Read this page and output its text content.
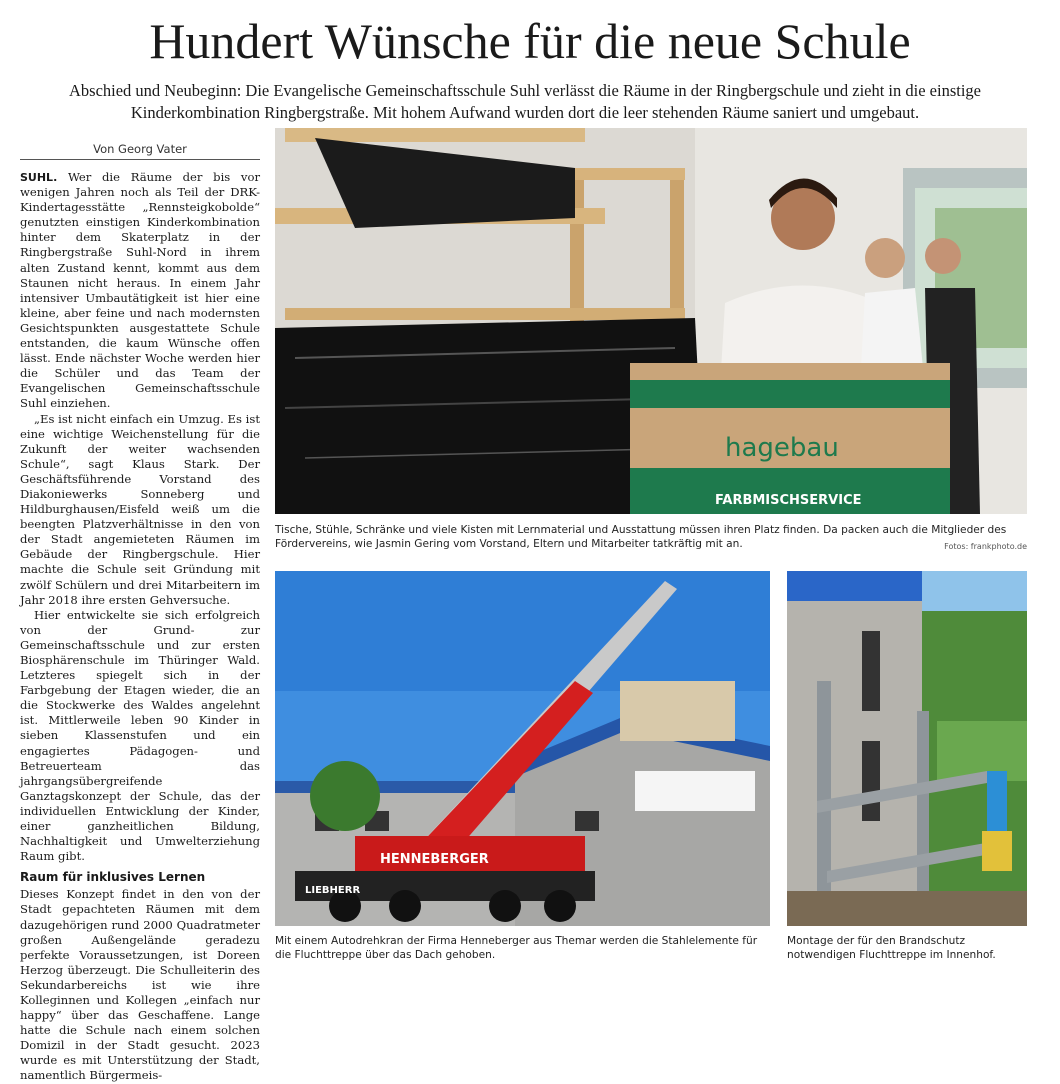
Hundert Wünsche für die neue Schule
Abschied und Neubeginn: Die Evangelische Gemeinschaftsschule Suhl verlässt die Räume in der Ringbergschule und zieht in die einstige Kinderkombination Ringbergstraße. Mit hohem Aufwand wurden dort die leer stehenden Räume saniert und umgebaut.
Von Georg Vater

SUHL. Wer die Räume der bis vor wenigen Jahren noch als Teil der DRK-Kindertagesstätte „Rennsteigkobolde“ genutzten einstigen Kinderkombination hinter dem Skaterplatz in der Ringbergstraße Suhl-Nord in ihrem alten Zustand kennt, kommt aus dem Staunen nicht heraus. In einem Jahr intensiver Umbautätigkeit ist hier eine kleine, aber feine und nach modernsten Gesichtspunkten ausgestattete Schule entstanden, die kaum Wünsche offen lässt. Ende nächster Woche werden hier die Schüler und das Team der Evangelischen Gemeinschaftsschule Suhl einziehen.

„Es ist nicht einfach ein Umzug. Es ist eine wichtige Weichenstellung für die Zukunft der weiter wachsenden Schule“, sagt Klaus Stark. Der Geschäftsführende Vorstand des Diakoniewerks Sonneberg und Hildburghausen/Eisfeld weiß um die beengten Platzverhältnisse in den von der Stadt angemieteten Räumen im Gebäude der Ringbergschule. Hier machte die Schule seit Gründung mit zwölf Schülern und drei Mitarbeitern im Jahr 2018 ihre ersten Gehversuche.

Hier entwickelte sie sich erfolgreich von der Grund- zur Gemeinschaftsschule und zur ersten Biosphärenschule im Thüringer Wald. Letzteres spiegelt sich in der Farbgebung der Etagen wieder, die an die Stockwerke des Waldes angelehnt ist. Mittlerweile leben 90 Kinder in sieben Klassenstufen und ein engagiertes Pädagogen- und Betreuerteam das jahrgangsübergreifende Ganztagskonzept der Schule, das der individuellen Entwicklung der Kinder, einer ganzheitlichen Bildung, Nachhaltigkeit und Umwelterziehung Raum gibt.

Raum für inklusives Lernen

Dieses Konzept findet in den von der Stadt gepachteten Räumen mit dem dazugehörigen rund 2000 Quadratmeter großen Außengelände geradezu perfekte Voraussetzungen, ist Doreen Herzog überzeugt. Die Schulleiterin des Sekundarbereichs ist wie ihre Kolleginnen und Kollegen „einfach nur happy“ über das Geschaffene. Lange hatte die Schule nach einem solchen Domizil in der Stadt gesucht. 2023 wurde es mit Unterstützung der Stadt, namentlich Bürgermeis-

hagebau
FARBMISCHSERVICE
Tische, Stühle, Schränke und viele Kisten mit Lernmaterial und Ausstattung müssen ihren Platz finden. Da packen auch die Mitglieder des Fördervereins, wie Jasmin Gering vom Vorstand, Eltern und Mitarbeiter tatkräftig mit an.	Fotos: frankphoto.de
HENNEBERGER
LIEBHERR
Mit einem Autodrehkran der Firma Henneberger aus Themar werden die Stahlelemente für die Fluchttreppe über das Dach gehoben.
Montage der für den Brandschutz notwendigen Fluchttreppe im Innenhof.
